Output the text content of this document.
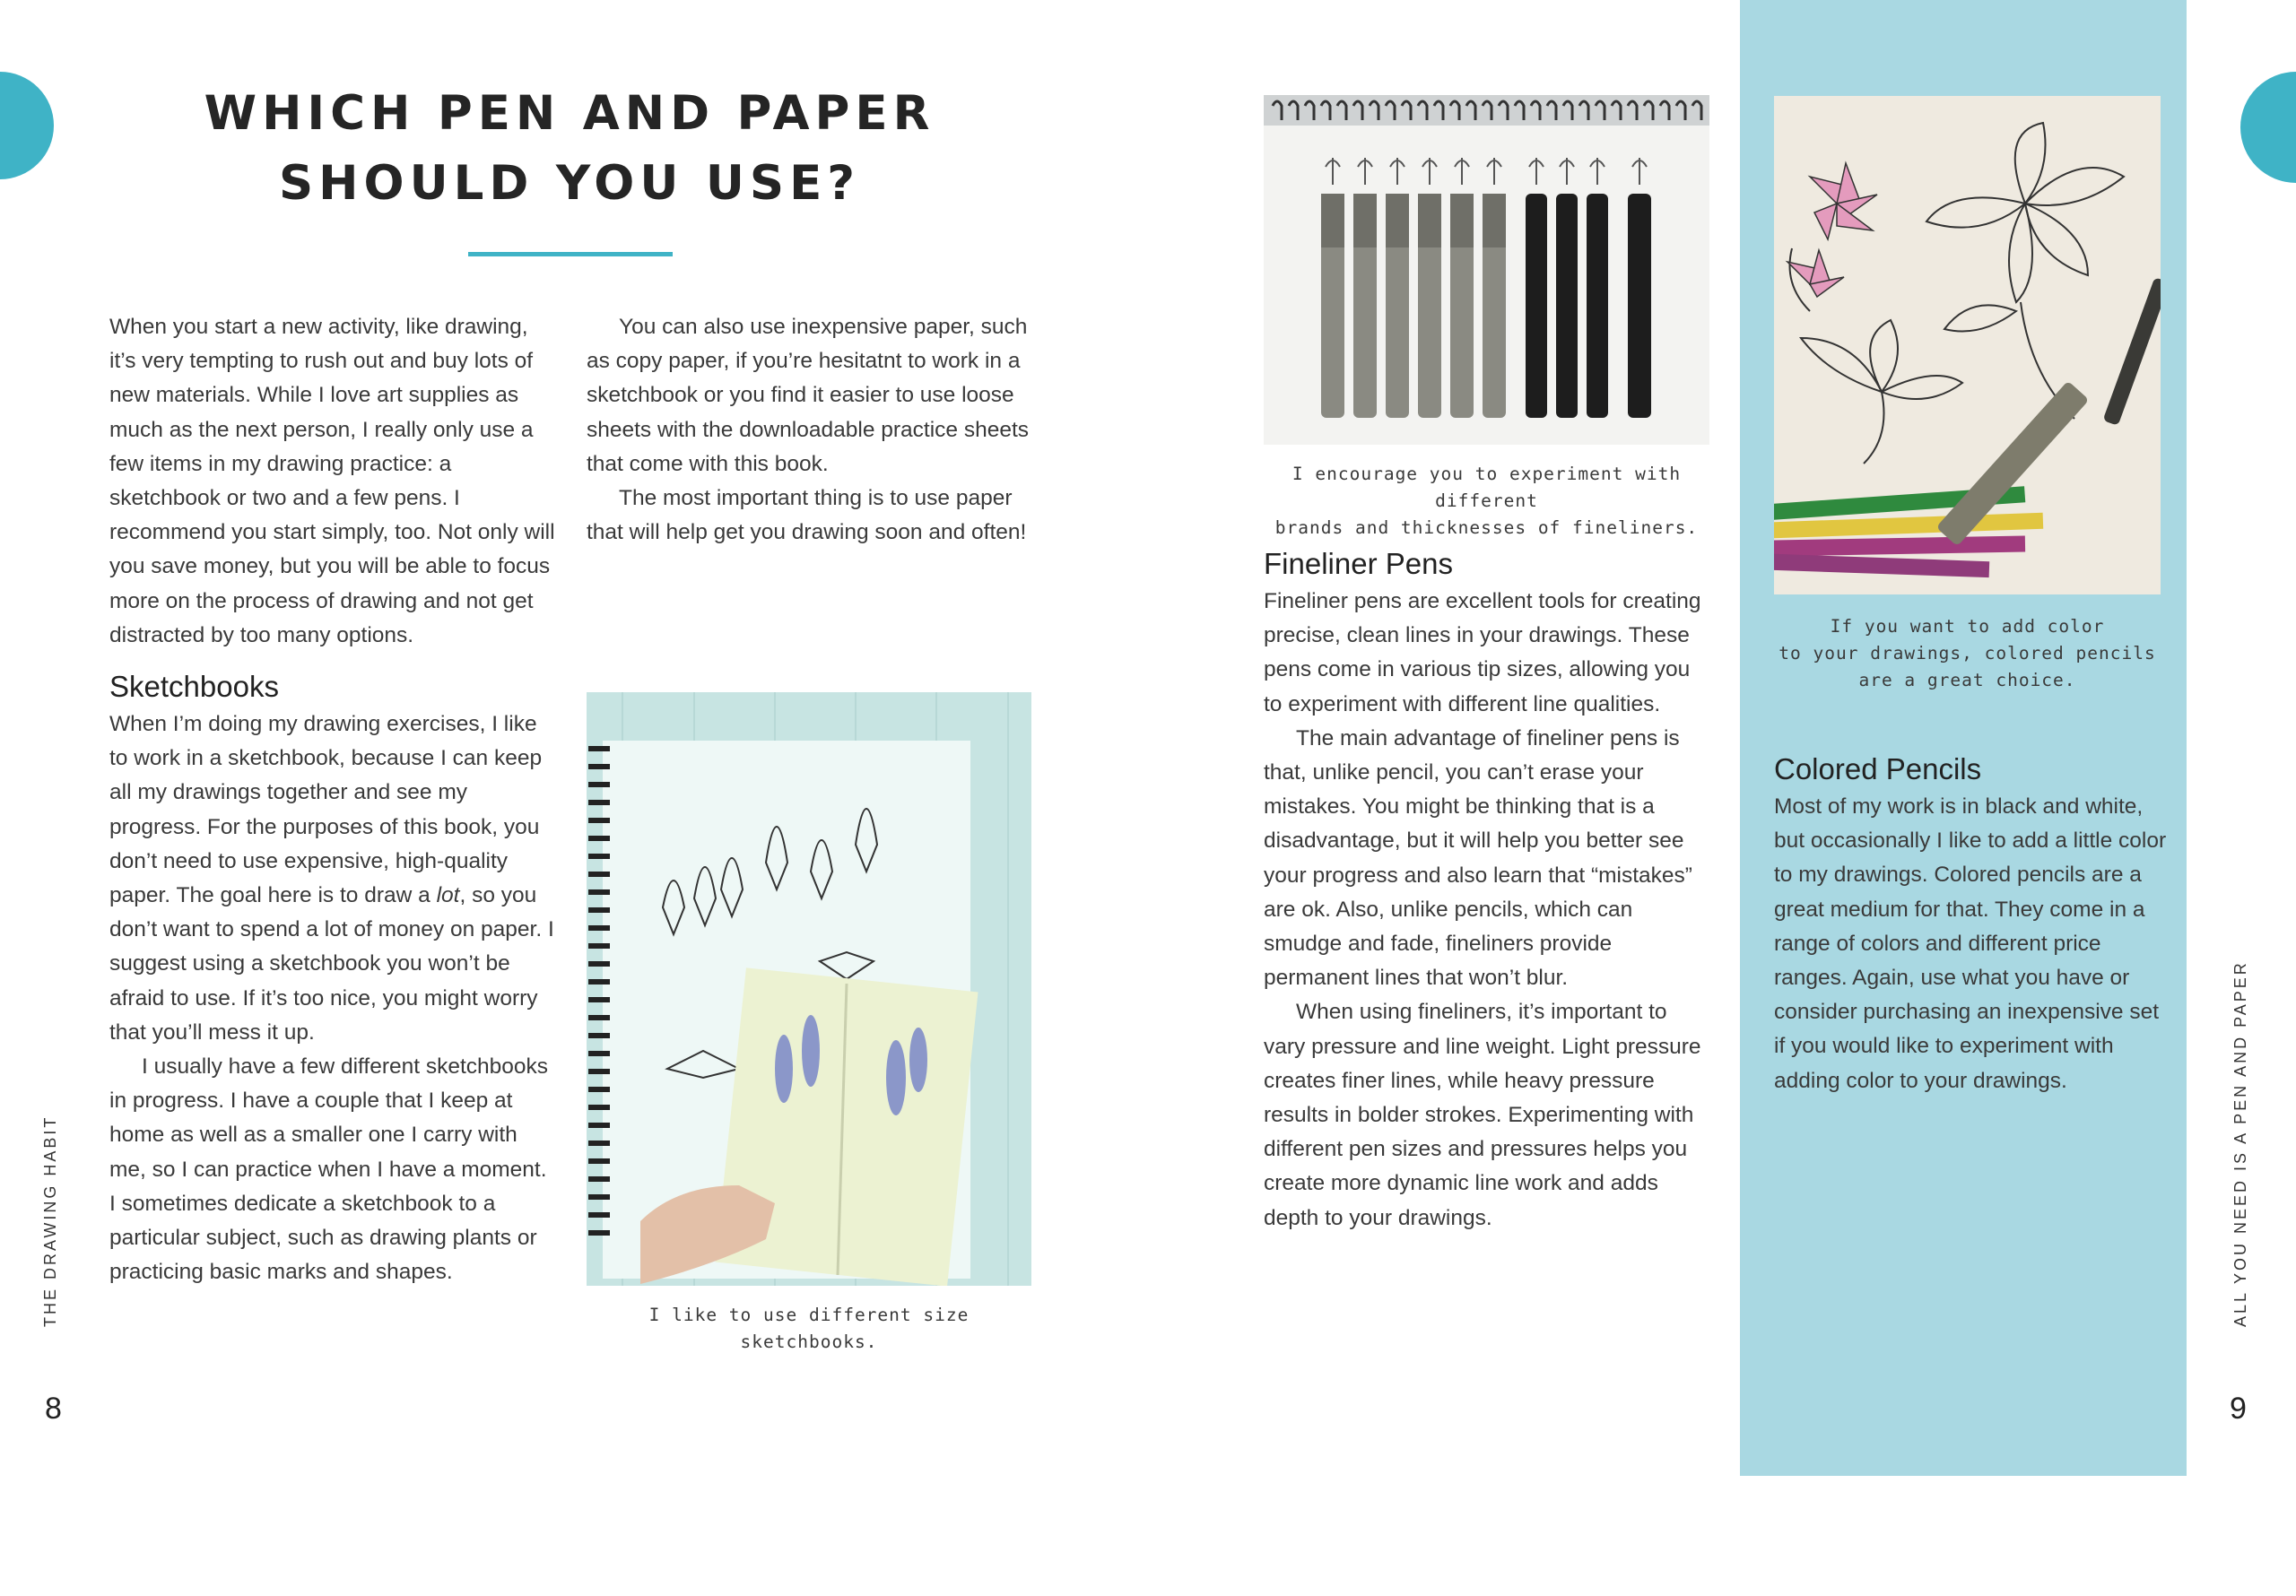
WHICH PEN AND PAPER
SHOULD YOU USE?

When you start a new activity, like drawing, it’s very tempting to rush out and buy lots of new materials. While I love art supplies as much as the next person, I really only use a few items in my drawing practice: a sketchbook or two and a few pens. I recommend you start simply, too. Not only will you save money, but you will be able to focus more on the process of drawing and not get distracted by too many options.

Sketchbooks

When I’m doing my drawing exercises, I like to work in a sketchbook, because I can keep all my drawings together and see my progress. For the purposes of this book, you don’t need to use expensive, high-quality paper. The goal here is to draw a lot, so you don’t want to spend a lot of money on paper. I suggest using a sketchbook you won’t be afraid to use. If it’s too nice, you might worry that you’ll mess it up.

I usually have a few different sketchbooks in progress. I have a couple that I keep at home as well as a smaller one I carry with me, so I can practice when I have a moment. I sometimes dedicate a sketchbook to a particular subject, such as drawing plants or practicing basic marks and shapes.

You can also use inexpensive paper, such as copy paper, if you’re hesitatnt to work in a sketchbook or you find it easier to use loose sheets with the downloadable practice sheets that come with this book.

The most important thing is to use paper that will help get you drawing soon and often!

I like to use different size sketchbooks.
I encourage you to experiment with different
brands and thicknesses of fineliners.
Fineliner Pens

Fineliner pens are excellent tools for creating precise, clean lines in your drawings. These pens come in various tip sizes, allowing you to experiment with different line qualities.

The main advantage of fineliner pens is that, unlike pencil, you can’t erase your mistakes. You might be thinking that is a disadvantage, but it will help you better see your progress and also learn that “mistakes” are ok. Also, unlike pencils, which can smudge and fade, fineliners provide permanent lines that won’t blur.

When using fineliners, it’s important to vary pressure and line weight. Light pressure creates finer lines, while heavy pressure results in bolder strokes. Experimenting with different pen sizes and pressures helps you create more dynamic line work and adds depth to your drawings.

If you want to add color
to your drawings, colored pencils
are a great choice.
Colored Pencils

Most of my work is in black and white, but occasionally I like to add a little color to my drawings. Colored pencils are a great medium for that. They come in a range of colors and different price ranges. Again, use what you have or consider purchasing an inexpensive set if you would like to experiment with adding color to your drawings.

THE DRAWING HABIT	ALL YOU NEED IS A PEN AND PAPER
8	9
